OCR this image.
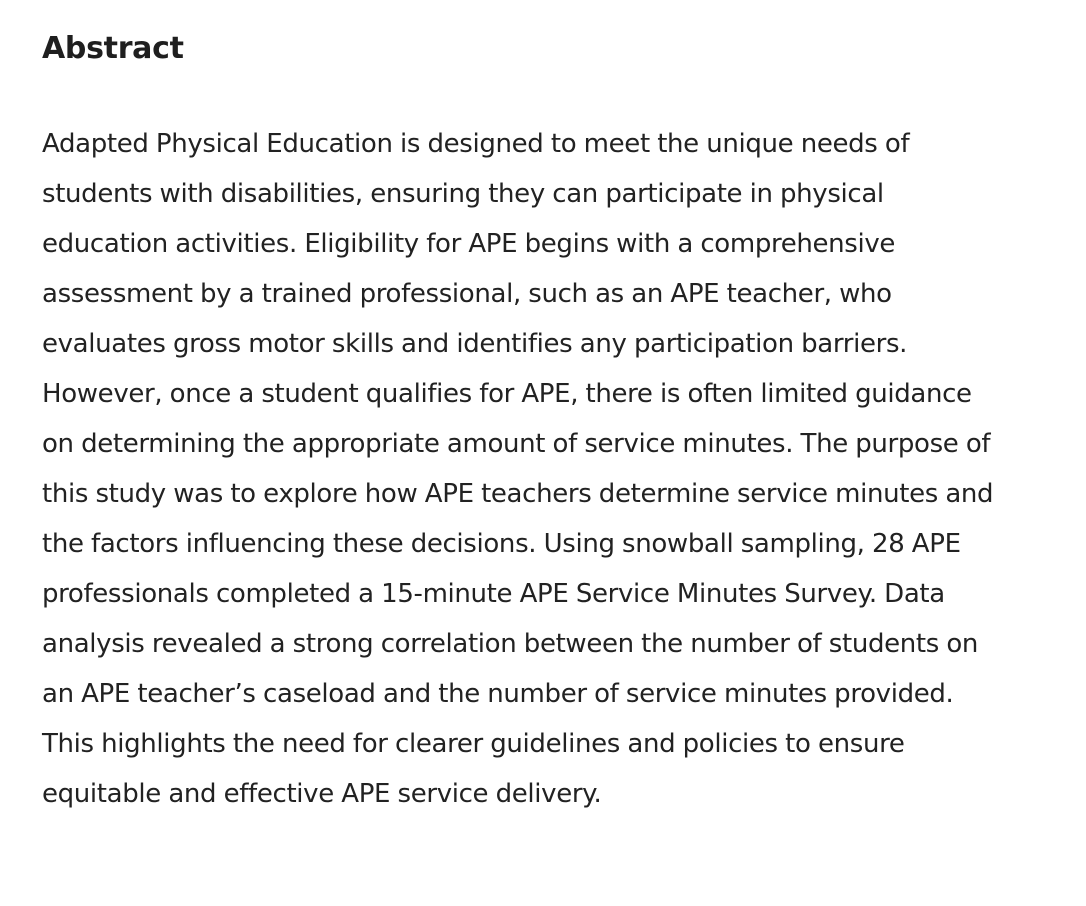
Abstract

Adapted Physical Education is designed to meet the unique needs of
students with disabilities, ensuring they can participate in physical
education activities. Eligibility for APE begins with a comprehensive
assessment by a trained professional, such as an APE teacher, who
evaluates gross motor skills and identifies any participation barriers.
However, once a student qualifies for APE, there is often limited guidance
on determining the appropriate amount of service minutes. The purpose of
this study was to explore how APE teachers determine service minutes and
the factors influencing these decisions. Using snowball sampling, 28 APE
professionals completed a 15-minute APE Service Minutes Survey. Data
analysis revealed a strong correlation between the number of students on
an APE teacher’s caseload and the number of service minutes provided.
This highlights the need for clearer guidelines and policies to ensure
equitable and effective APE service delivery.
